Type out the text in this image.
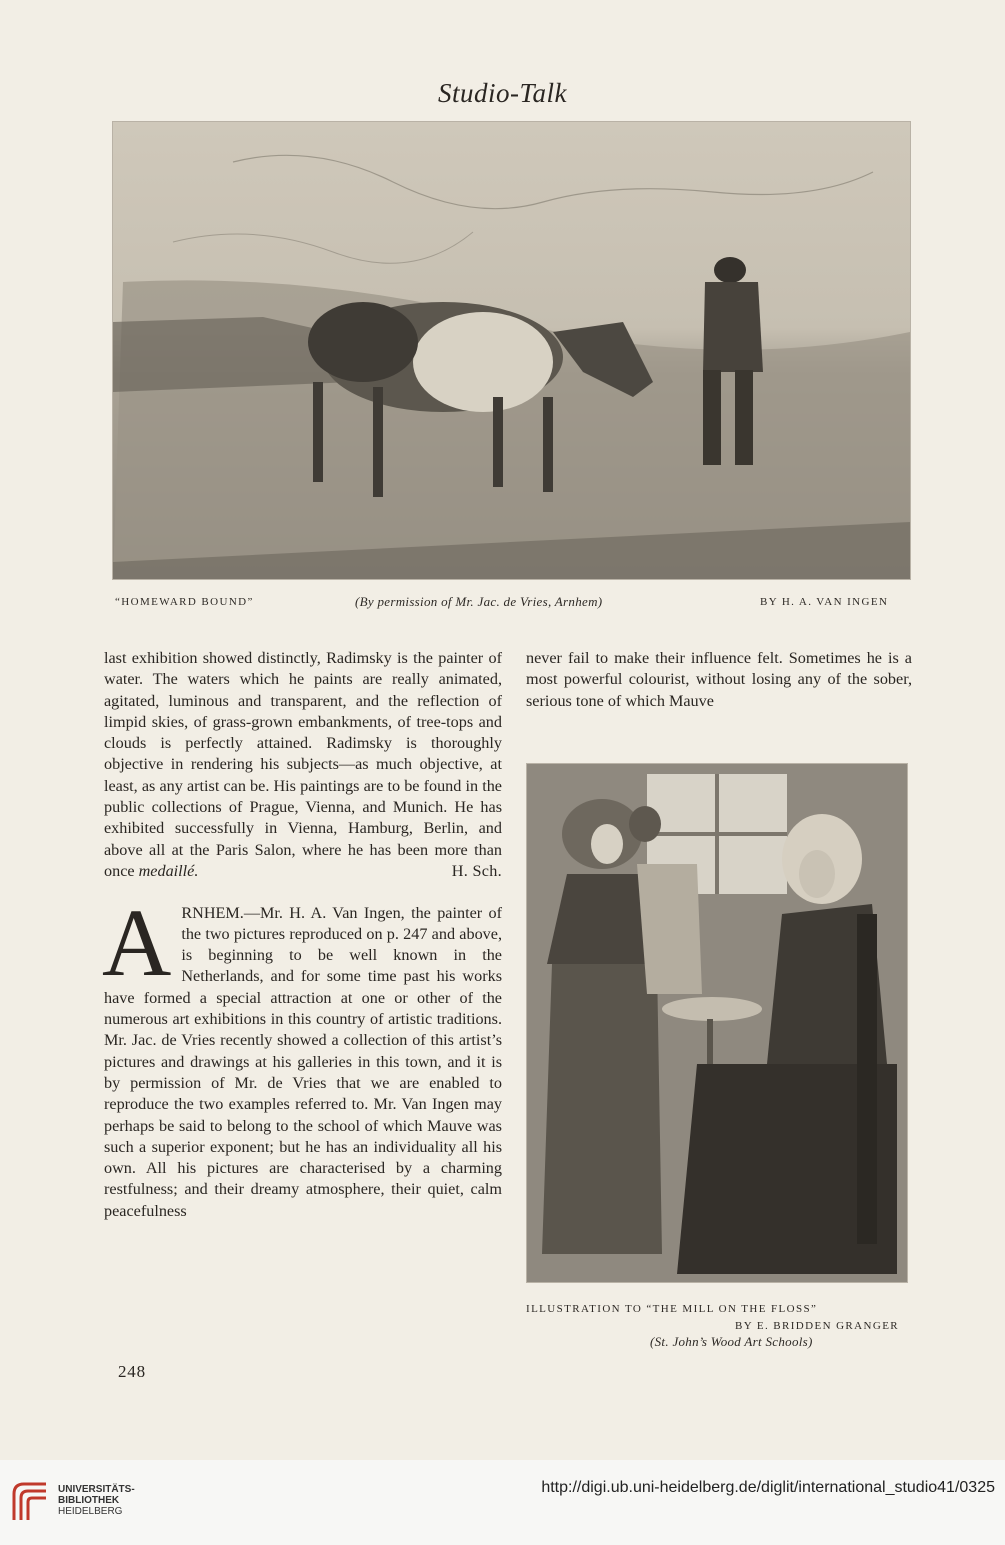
Studio-Talk
“HOMEWARD BOUND”	(By permission of Mr. Jac. de Vries, Arnhem)	BY H. A. VAN INGEN

last exhibition showed distinctly, Radimsky is the painter of water. The waters which he paints are really animated, agitated, luminous and transparent, and the reflection of limpid skies, of grass-grown embankments, of tree-tops and clouds is perfectly attained. Radimsky is thoroughly objective in rendering his subjects—as much objective, at least, as any artist can be. His paintings are to be found in the public collections of Prague, Vienna, and Munich. He has exhibited successfully in Vienna, Hamburg, Berlin, and above all at the Paris Salon, where he has been more than once medaillé.	H. Sch.

A RNHEM.—Mr. H. A. Van Ingen, the painter of the two pictures reproduced on p. 247 and above, is beginning to be well known in the Netherlands, and for some time past his works have formed a special attraction at one or other of the numerous art exhibitions in this country of artistic traditions. Mr. Jac. de Vries recently showed a collection of this artist’s pictures and drawings at his galleries in this town, and it is by permission of Mr. de Vries that we are enabled to reproduce the two examples referred to. Mr. Van Ingen may perhaps be said to belong to the school of which Mauve was such a superior exponent; but he has an individuality all his own. All his pictures are characterised by a charming restfulness; and their dreamy atmosphere, their quiet, calm peacefulness

never fail to make their influence felt. Sometimes he is a most powerful colourist, without losing any of the sober, serious tone of which Mauve

ILLUSTRATION TO “THE MILL ON THE FLOSS”
BY E. BRIDDEN GRANGER
(St. John’s Wood Art Schools)
248
UNIVERSITÄTS-
BIBLIOTHEK
HEIDELBERG
http://digi.ub.uni-heidelberg.de/diglit/international_studio41/0325
